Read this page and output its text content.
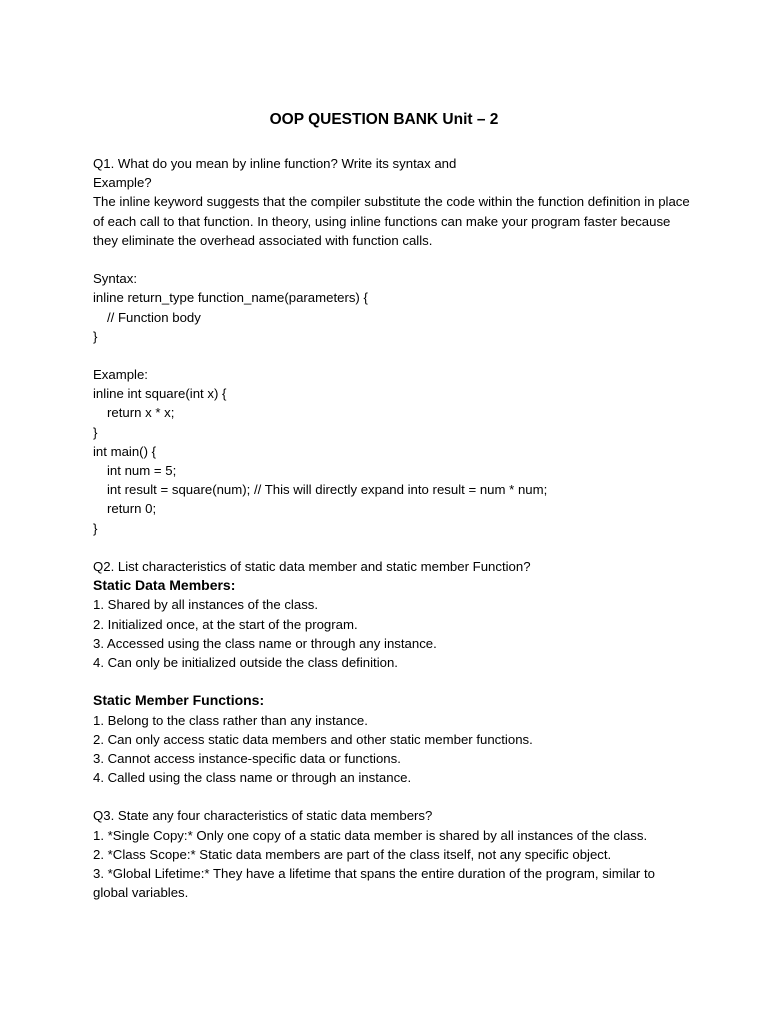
OOP QUESTION BANK Unit – 2

Q1. What do you mean by inline function? Write its syntax and

Example?

The inline keyword suggests that the compiler substitute the code within the function definition in place of each call to that function. In theory, using inline functions can make your program faster because they eliminate the overhead associated with function calls.

Syntax:

inline return_type function_name(parameters) {

// Function body

}

Example:

inline int square(int x) {

return x * x;

}

int main() {

int num = 5;

int result = square(num); // This will directly expand into result = num * num;

return 0;

}

Q2. List characteristics of static data member and static member Function?

Static Data Members:

1. Shared by all instances of the class.

2. Initialized once, at the start of the program.

3. Accessed using the class name or through any instance.

4. Can only be initialized outside the class definition.

Static Member Functions:

1. Belong to the class rather than any instance.

2. Can only access static data members and other static member functions.

3. Cannot access instance-specific data or functions.

4. Called using the class name or through an instance.

Q3. State any four characteristics of static data members?

1. *Single Copy:* Only one copy of a static data member is shared by all instances of the class.

2. *Class Scope:* Static data members are part of the class itself, not any specific object.

3. *Global Lifetime:* They have a lifetime that spans the entire duration of the program, similar to global variables.
